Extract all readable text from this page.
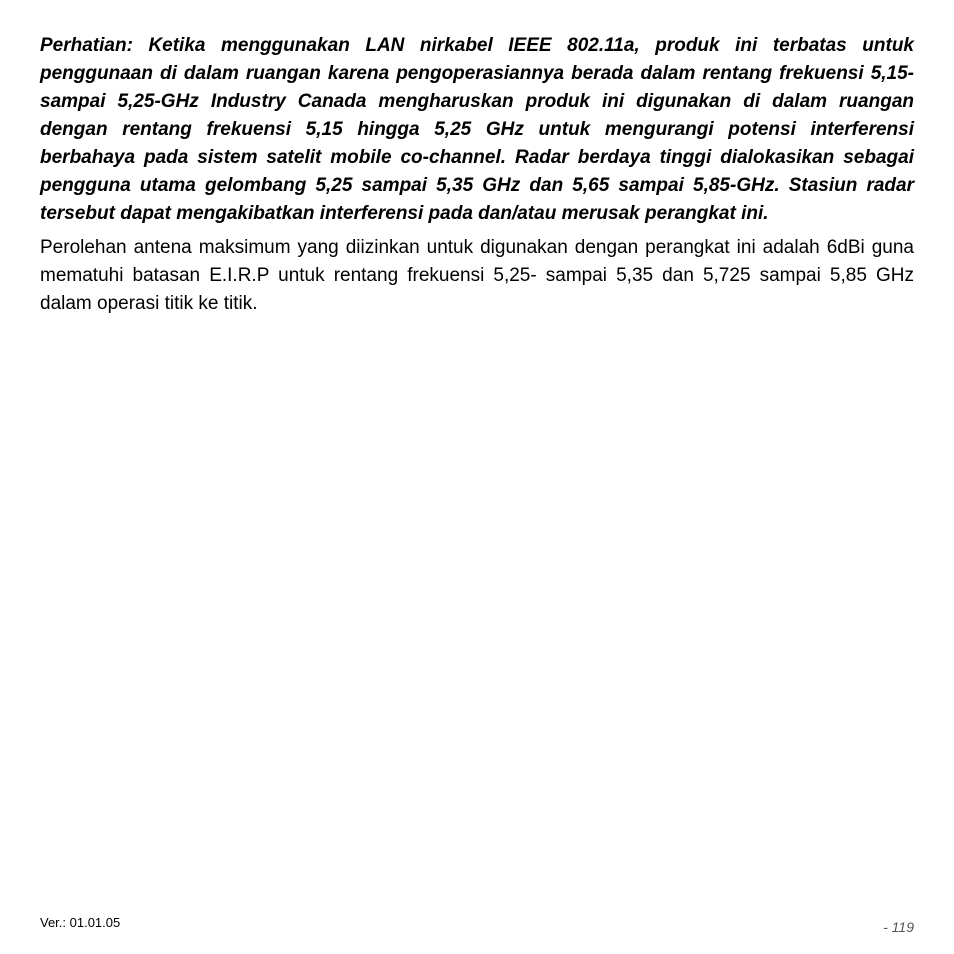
Perhatian: Ketika menggunakan LAN nirkabel IEEE 802.11a, produk ini terbatas untuk penggunaan di dalam ruangan karena pengoperasiannya berada dalam rentang frekuensi 5,15- sampai 5,25-GHz Industry Canada mengharuskan produk ini digunakan di dalam ruangan dengan rentang frekuensi 5,15 hingga 5,25 GHz untuk mengurangi potensi interferensi berbahaya pada sistem satelit mobile co-channel. Radar berdaya tinggi dialokasikan sebagai pengguna utama gelombang 5,25 sampai 5,35 GHz dan 5,65 sampai 5,85-GHz. Stasiun radar tersebut dapat mengakibatkan interferensi pada dan/atau merusak perangkat ini.

Perolehan antena maksimum yang diizinkan untuk digunakan dengan perangkat ini adalah 6dBi guna mematuhi batasan E.I.R.P untuk rentang frekuensi 5,25- sampai 5,35 dan 5,725 sampai 5,85 GHz dalam operasi titik ke titik.

Ver.: 01.01.05	- 119
